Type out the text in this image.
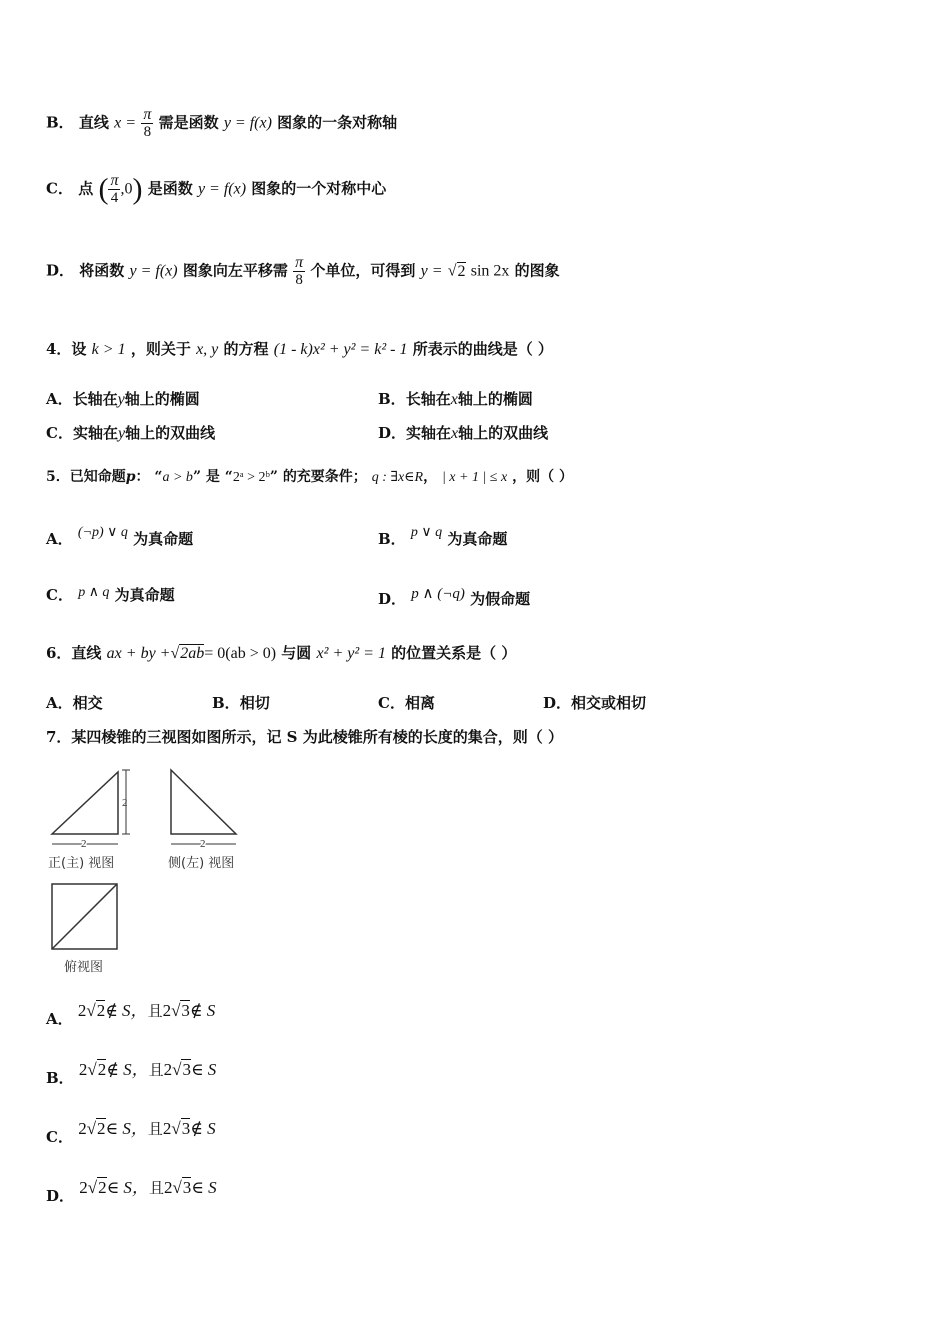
B． 直线 $x = \frac{\pi}{8}$ 需是函数 y = f(x) 图象的一条对称轴
C． 点 ( $\frac{\pi}{4} ,0$) 是函数 y = f(x) 图象的一个对称中心
D． 将函数 y = f(x) 图象向左平移需 $\frac{\pi}{8}$ 个单位，可得到 y = √2 sin 2x 的图象
4．设 k > 1 ，则关于 x, y 的方程 (1 - k)x² + y² = k² - 1 所表示的曲线是（ ）
A．长轴在y轴上的椭圆	B．长轴在x轴上的椭圆
C．实轴在y轴上的双曲线	D．实轴在x轴上的双曲线
5．已知命题p： “a > b” 是 “2ᵃ > 2ᵇ” 的充要条件； q : ∃x∈R， | x + 1 | ≤ x ，则（ ）
A． (¬p) ∨ q 为真命题	B． p ∨ q 为真命题
C． p ∧ q 为真命题	D． p ∧ (¬q) 为假命题
6．直线 ax + by +√2ab= 0(ab > 0) 与圆 x² + y² = 1 的位置关系是（ ）
A．相交	B．相切	C．相离	D．相交或相切
7．某四棱锥的三视图如图所示，记 S 为此棱锥所有棱的长度的集合，则（ ）
2
2	2
正(主) 视图	侧(左) 视图
俯视图
A． 2√2∉ S，且2√3∉ S
B． 2√2∉ S，且2√3∈ S
C． 2√2∈ S，且2√3∉ S
D． 2√2∈ S，且2√3∈ S
